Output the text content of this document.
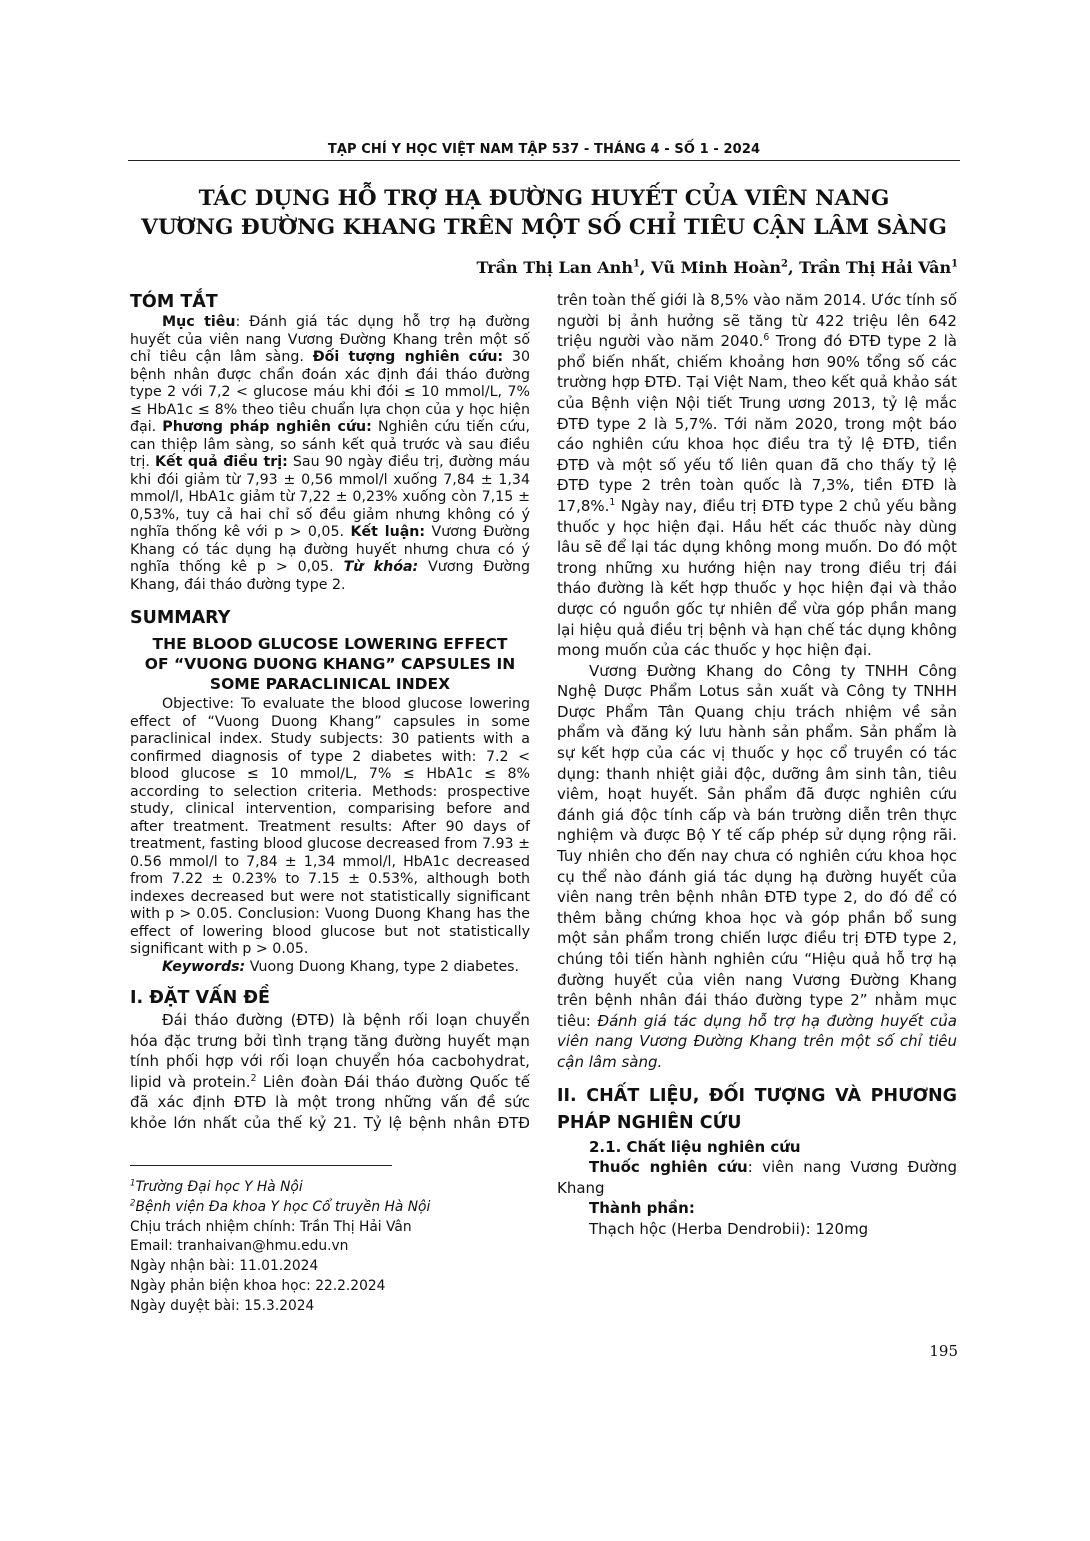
TẠP CHÍ Y HỌC VIỆT NAM TẬP 537 - THÁNG 4 - SỐ 1 - 2024
TÁC DỤNG HỖ TRỢ HẠ ĐƯỜNG HUYẾT CỦA VIÊN NANG
VƯƠNG ĐƯỜNG KHANG TRÊN MỘT SỐ CHỈ TIÊU CẬN LÂM SÀNG
Trần Thị Lan Anh$^1$, Vũ Minh Hoàn$^2$, Trần Thị Hải Vân$^1$
TÓM TẮT

Mục tiêu: Đánh giá tác dụng hỗ trợ hạ đường huyết của viên nang Vương Đường Khang trên một số chỉ tiêu cận lâm sàng. Đối tượng nghiên cứu: 30 bệnh nhân được chẩn đoán xác định đái tháo đường type 2 với 7,2 < glucose máu khi đói ≤ 10 mmol/L, 7% ≤ HbA1c ≤ 8% theo tiêu chuẩn lựa chọn của y học hiện đại. Phương pháp nghiên cứu: Nghiên cứu tiến cứu, can thiệp lâm sàng, so sánh kết quả trước và sau điều trị. Kết quả điều trị: Sau 90 ngày điều trị, đường máu khi đói giảm từ 7,93 ± 0,56 mmol/l xuống 7,84 ± 1,34 mmol/l, HbA1c giảm từ 7,22 ± 0,23% xuống còn 7,15 ± 0,53%, tuy cả hai chỉ số đều giảm nhưng không có ý nghĩa thống kê với p > 0,05. Kết luận: Vương Đường Khang có tác dụng hạ đường huyết nhưng chưa có ý nghĩa thống kê p > 0,05. Từ khóa: Vương Đường Khang, đái tháo đường type 2.

SUMMARY
THE BLOOD GLUCOSE LOWERING EFFECT
OF “VUONG DUONG KHANG” CAPSULES IN
SOME PARACLINICAL INDEX

Objective: To evaluate the blood glucose lowering effect of “Vuong Duong Khang” capsules in some paraclinical index. Study subjects: 30 patients with a confirmed diagnosis of type 2 diabetes with: 7.2 < blood glucose ≤ 10 mmol/L, 7% ≤ HbA1c ≤ 8% according to selection criteria. Methods: prospective study, clinical intervention, comparising before and after treatment. Treatment results: After 90 days of treatment, fasting blood glucose decreased from 7.93 ± 0.56 mmol/l to 7,84 ± 1,34 mmol/l, HbA1c decreased from 7.22 ± 0.23% to 7.15 ± 0.53%, although both indexes decreased but were not statistically significant with p > 0.05. Conclusion: Vuong Duong Khang has the effect of lowering blood glucose but not statistically significant with p > 0.05.

Keywords: Vuong Duong Khang, type 2 diabetes.

I. ĐẶT VẤN ĐỀ

Đái tháo đường (ĐTĐ) là bệnh rối loạn chuyển hóa đặc trưng bởi tình trạng tăng đường huyết mạn tính phối hợp với rối loạn chuyển hóa cacbohydrat, lipid và protein.$^2$ Liên đoàn Đái tháo đường Quốc tế đã xác định ĐTĐ là một trong những vấn đề sức khỏe lớn nhất của thế kỷ 21. Tỷ lệ bệnh nhân ĐTĐ

$^1$Trường Đại học Y Hà Nội
$^2$Bệnh viện Đa khoa Y học Cổ truyền Hà Nội
Chịu trách nhiệm chính: Trần Thị Hải Vân
Email: tranhaivan@hmu.edu.vn
Ngày nhận bài: 11.01.2024
Ngày phản biện khoa học: 22.2.2024
Ngày duyệt bài: 15.3.2024

trên toàn thế giới là 8,5% vào năm 2014. Ước tính số người bị ảnh hưởng sẽ tăng từ 422 triệu lên 642 triệu người vào năm 2040.$^6$ Trong đó ĐTĐ type 2 là phổ biến nhất, chiếm khoảng hơn 90% tổng số các trường hợp ĐTĐ. Tại Việt Nam, theo kết quả khảo sát của Bệnh viện Nội tiết Trung ương 2013, tỷ lệ mắc ĐTĐ type 2 là 5,7%. Tới năm 2020, trong một báo cáo nghiên cứu khoa học điều tra tỷ lệ ĐTĐ, tiền ĐTĐ và một số yếu tố liên quan đã cho thấy tỷ lệ ĐTĐ type 2 trên toàn quốc là 7,3%, tiền ĐTĐ là 17,8%.$^1$ Ngày nay, điều trị ĐTĐ type 2 chủ yếu bằng thuốc y học hiện đại. Hầu hết các thuốc này dùng lâu sẽ để lại tác dụng không mong muốn. Do đó một trong những xu hướng hiện nay trong điều trị đái tháo đường là kết hợp thuốc y học hiện đại và thảo dược có nguồn gốc tự nhiên để vừa góp phần mang lại hiệu quả điều trị bệnh và hạn chế tác dụng không mong muốn của các thuốc y học hiện đại.

Vương Đường Khang do Công ty TNHH Công Nghệ Dược Phẩm Lotus sản xuất và Công ty TNHH Dược Phẩm Tân Quang chịu trách nhiệm về sản phẩm và đăng ký lưu hành sản phẩm. Sản phẩm là sự kết hợp của các vị thuốc y học cổ truyền có tác dụng: thanh nhiệt giải độc, dưỡng âm sinh tân, tiêu viêm, hoạt huyết. Sản phẩm đã được nghiên cứu đánh giá độc tính cấp và bán trường diễn trên thực nghiệm và được Bộ Y tế cấp phép sử dụng rộng rãi. Tuy nhiên cho đến nay chưa có nghiên cứu khoa học cụ thể nào đánh giá tác dụng hạ đường huyết của viên nang trên bệnh nhân ĐTĐ type 2, do đó để có thêm bằng chứng khoa học và góp phần bổ sung một sản phẩm trong chiến lược điều trị ĐTĐ type 2, chúng tôi tiến hành nghiên cứu “Hiệu quả hỗ trợ hạ đường huyết của viên nang Vương Đường Khang trên bệnh nhân đái tháo đường type 2” nhằm mục tiêu: Đánh giá tác dụng hỗ trợ hạ đường huyết của viên nang Vương Đường Khang trên một số chỉ tiêu cận lâm sàng.

II. CHẤT LIỆU, ĐỐI TƯỢNG VÀ PHƯƠNG PHÁP NGHIÊN CỨU
2.1. Chất liệu nghiên cứu

Thuốc nghiên cứu: viên nang Vương Đường Khang

Thành phần:

Thạch hộc (Herba Dendrobii): 120mg

195
